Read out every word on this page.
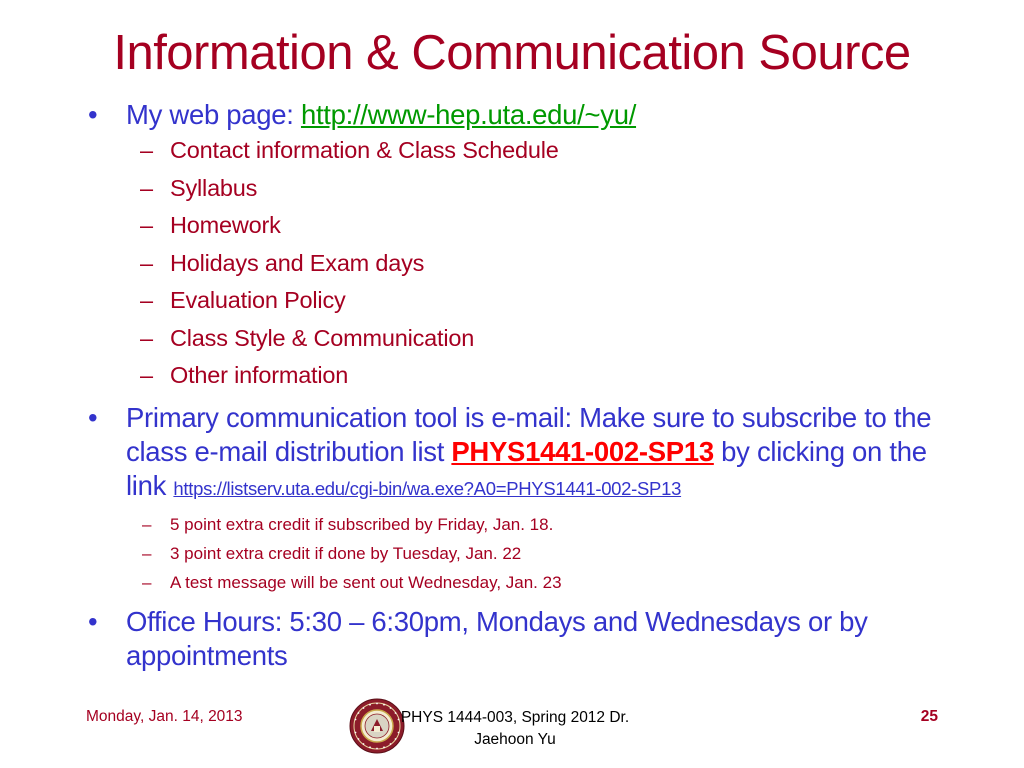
Information & Communication Source
• My web page: http://www-hep.uta.edu/~yu/
– Contact information & Class Schedule
– Syllabus
– Homework
– Holidays and Exam days
– Evaluation Policy
– Class Style & Communication
– Other information
• Primary communication tool is e-mail: Make sure to subscribe to the class e-mail distribution list PHYS1441-002-SP13 by clicking on the link https://listserv.uta.edu/cgi-bin/wa.exe?A0=PHYS1441-002-SP13
– 5 point extra credit if subscribed by Friday, Jan. 18.
– 3 point extra credit if done by Tuesday, Jan. 22
– A test message will be sent out Wednesday, Jan. 23
• Office Hours: 5:30 – 6:30pm, Mondays and Wednesdays or by appointments
Monday, Jan. 14, 2013	PHYS 1444-003, Spring 2012 Dr.
Jaehoon Yu
25
